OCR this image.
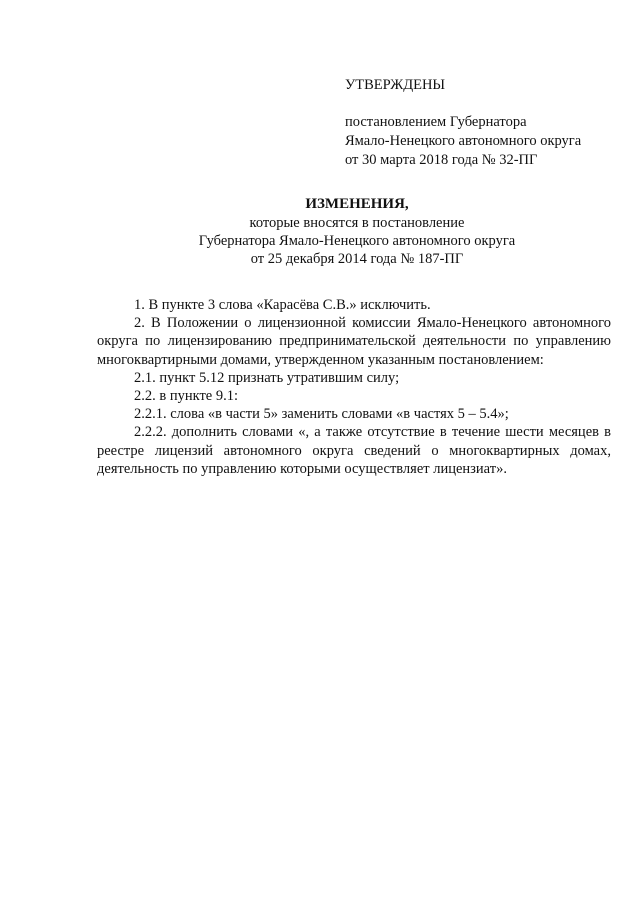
УТВЕРЖДЕНЫ
постановлением Губернатора
Ямало-Ненецкого автономного округа
от 30 марта 2018 года № 32-ПГ
ИЗМЕНЕНИЯ,
которые вносятся в постановление
Губернатора Ямало-Ненецкого автономного округа
от 25 декабря 2014 года № 187-ПГ

1. В пункте 3 слова «Карасёва С.В.» исключить.

2. В Положении о лицензионной комиссии Ямало-Ненецкого автономного округа по лицензированию предпринимательской деятельности по управлению многоквартирными домами, утвержденном указанным постановлением:

2.1. пункт 5.12 признать утратившим силу;

2.2. в пункте 9.1:

2.2.1. слова «в части 5» заменить словами «в частях 5 – 5.4»;

2.2.2. дополнить словами «, а также отсутствие в течение шести месяцев в реестре лицензий автономного округа сведений о многоквартирных домах, деятельность по управлению которыми осуществляет лицензиат».
